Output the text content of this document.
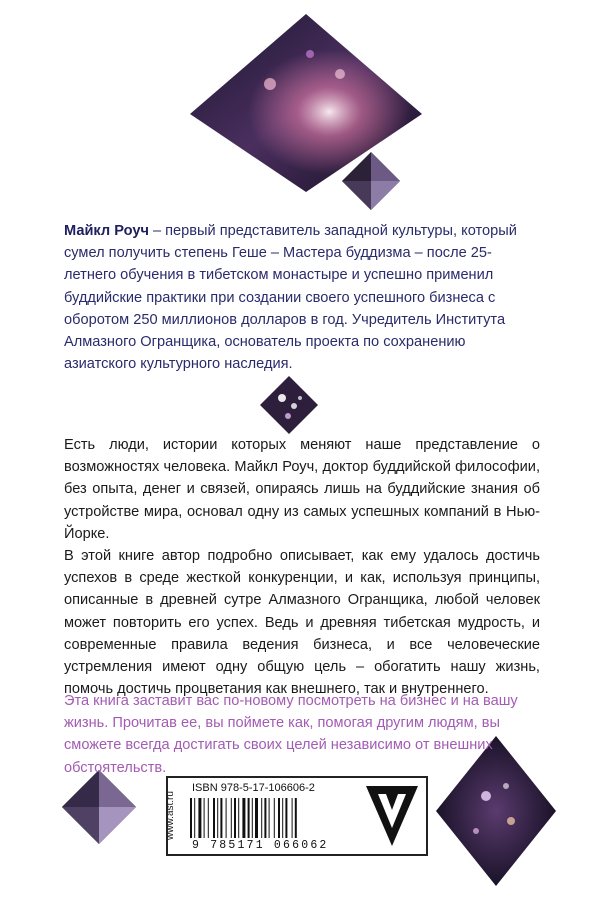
Майкл Роуч – первый представитель западной культуры, который сумел получить степень Геше – Мастера буддизма – после 25-летнего обучения в тибетском монастыре и успешно применил буддийские практики при создании своего успешного бизнеса с оборотом 250 миллионов долларов в год. Учредитель Института Алмазного Огранщика, основатель проекта по сохранению азиатского культурного наследия.

Есть люди, истории которых меняют наше представление о возможностях человека. Майкл Роуч, доктор буддийской философии, без опыта, денег и связей, опираясь лишь на буддийские знания об устройстве мира, основал одну из самых успешных компаний в Нью-Йорке.

В этой книге автор подробно описывает, как ему удалось достичь успехов в среде жесткой конкуренции, и как, используя принципы, описанные в древней сутре Алмазного Огранщика, любой человек может повторить его успех. Ведь и древняя тибетская мудрость, и современные правила ведения бизнеса, и все человеческие устремления имеют одну общую цель – обогатить нашу жизнь, помочь достичь процветания как внешнего, так и внутреннего.

Эта книга заставит вас по-новому посмотреть на бизнес и на вашу жизнь. Прочитав ее, вы поймете как, помогая другим людям, вы сможете всегда достигать своих целей независимо от внешних обстоятельств.
www.ast.ru
ISBN 978-5-17-106606-2
9 785171 066062
